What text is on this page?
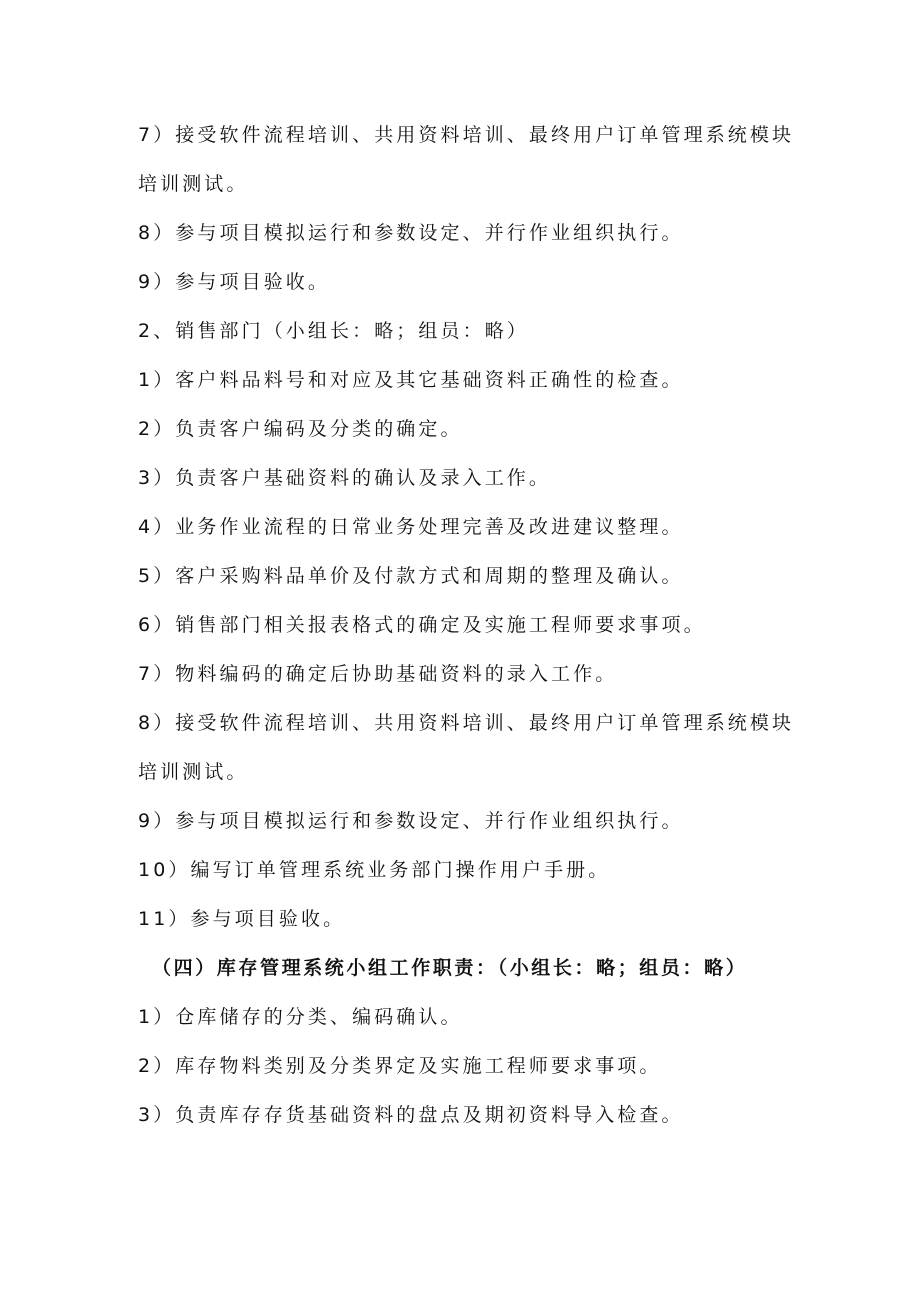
7）接受软件流程培训、共用资料培训、最终用户订单管理系统模块
培训测试。
8）参与项目模拟运行和参数设定、并行作业组织执行。
9）参与项目验收。
2、销售部门（小组长：略；组员：略）
1）客户料品料号和对应及其它基础资料正确性的检查。
2）负责客户编码及分类的确定。
3）负责客户基础资料的确认及录入工作。
4）业务作业流程的日常业务处理完善及改进建议整理。
5）客户采购料品单价及付款方式和周期的整理及确认。
6）销售部门相关报表格式的确定及实施工程师要求事项。
7）物料编码的确定后协助基础资料的录入工作。
8）接受软件流程培训、共用资料培训、最终用户订单管理系统模块
培训测试。
9）参与项目模拟运行和参数设定、并行作业组织执行。
10）编写订单管理系统业务部门操作用户手册。
11）参与项目验收。
（四）库存管理系统小组工作职责：（小组长：略；组员：略）
1）仓库储存的分类、编码确认。
2）库存物料类别及分类界定及实施工程师要求事项。
3）负责库存存货基础资料的盘点及期初资料导入检查。
